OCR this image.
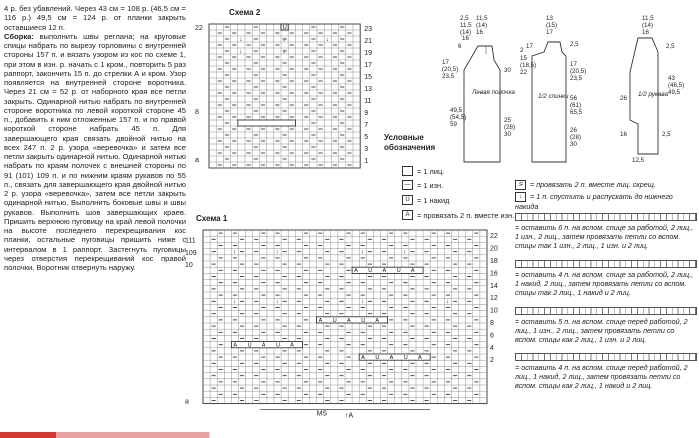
4 р. без убавлений. Через 43 см = 108 р. (46,5 см = 116 р.) 49,5 см = 124 р. от планки закрыть оставшиеся 12 п.

Сборка: выполнить швы реглана; на круговые спицы набрать по вырезу горловины с внутренней стороны 157 п. и вязать узором из кос по схеме 1, при этом в изн. р. начать с 1 кром., повторить 5 раз раппорт, закончить 15 п. до стрелки А и кром. Узор появляется на внутренней стороне воротника. Через 21 см = 52 р. от наборного края все петли закрыть. Одинарной нитью набрать по внутренней стороне воротника по левой короткой стороне 45 п., добавить к ним отложенные 157 п. и по правой короткой стороне набрать 45 п. Для завершающего края связать двойной нитью на всех 247 п. 2 р. узора «веревочка» и затем все петли закрыть одинарной нитью. Одинарной нитью набрать по краям полочек с внешней стороны по 91 (101) 109 п. и по нижним краям рукавов по 55 п., связать для завершающего края двойной нитью 2 р. узора «веревочка», затем все петли закрыть одинарной нитью. Выполнить боковые швы и швы рукавов. Выполнить шов завершающих краев. Пришить верхнюю пуговицу на край левой полочки на высоте последнего перекрещивания кос планки, остальные пуговицы пришить ниже с интервалом в 1 раппорт. Застегнуть пуговицы через отверстия перекрещиваний кос правой полочки. Воротник отвернуть наружу.

Схема 2
↓	↓	↓
↓	↓
U	23
21
19
17
15
13
11
9
7
5
3
1
22
8
a
Условные обозначения
= 1 лиц.
— = 1 изн.
U = 1 накид
A	= провязать 2 п. вместе изн.
Схема 1
A U A U A
A U A U A
A U A U A
A U A U A
↓	↓	↓	↓
↓	↓	↓	↓
22
20
18
16
14
12
10
8
6
4
2
111
109
10
a
MS	↑A
Левая полочка
1/2 спинки	1/2 рукава
2,5
11,5
(14)
16
17
(20,5)
23,5
30
49,5
(54,5)
59
25
(28)
30
11,5
(14)
16
6
13
(15)
17
2,5
15
(18,5)
22
2
17
(20,5)
23,5
56
(61)
65,5
26
(28)
30
17
11,5
(14)
16
2,5
43
(46,5)
49,5
26
16
12,5
2,5
⋝ = провязать 2 п. вместе лиц. скрещ.
↓ = 1 п. спустить и распускать до нижнего накида
= оставить 6 п. на вспом. спице за работой, 2 лиц., 1 изн., 2 лиц., затем провязать петли со вспом. спицы так 1 изн., 2 лиц., 1 изн. и 2 лиц.
= оставить 4 п. на вспом. спице за работой, 2 лиц., 1 накид, 2 лиц., затем провязать петли со вспом. спицы так 2 лиц., 1 накид и 2 лиц.
= оставить 5 п. на вспом. спице перед работой, 2 лиц., 1 изн., 2 лиц., затем провязать петли со вспом. спицы как 2 лиц., 1 изн. и 2 лиц.
= оставить 4 п. на вспом. спице перед работой, 2 лиц., 1 накид, 2 лиц., затем провязать петли со вспом. спицы как 2 лиц., 1 накид и 2 лиц.
